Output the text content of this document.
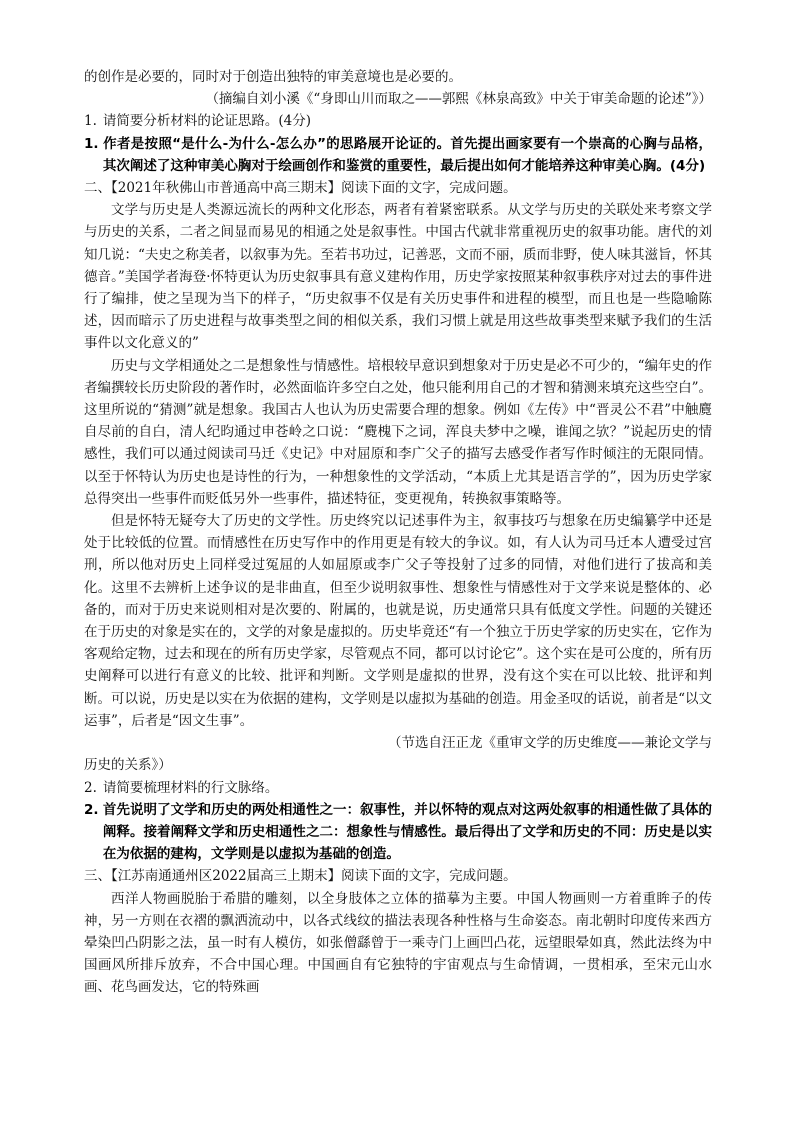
的创作是必要的，同时对于创造出独特的审美意境也是必要的。

（摘编自刘小溪《“身即山川而取之——郭熙《林泉高致》中关于审美命题的论述”》）

1. 请简要分析材料的论证思路。(4分)

1. 作者是按照“是什么-为什么-怎么办”的思路展开论证的。首先提出画家要有一个崇高的心胸与品格，其次阐述了这种审美心胸对于绘画创作和鉴赏的重要性，最后提出如何才能培养这种审美心胸。(4分)

二、【2021年秋佛山市普通高中高三期末】阅读下面的文字，完成问题。

文学与历史是人类源远流长的两种文化形态，两者有着紧密联系。从文学与历史的关联处来考察文学与历史的关系，二者之间显而易见的相通之处是叙事性。中国古代就非常重视历史的叙事功能。唐代的刘知几说：“夫史之称美者，以叙事为先。至若书功过，记善恶，文而不丽，质而非野，使人味其滋旨，怀其德音。”美国学者海登·怀特更认为历史叙事具有意义建构作用，历史学家按照某种叙事秩序对过去的事件进行了编排，使之呈现为当下的样子，“历史叙事不仅是有关历史事件和进程的模型，而且也是一些隐喻陈述，因而暗示了历史进程与故事类型之间的相似关系，我们习惯上就是用这些故事类型来赋予我们的生活事件以文化意义的”

历史与文学相通处之二是想象性与情感性。培根较早意识到想象对于历史是必不可少的，“编年史的作者编撰较长历史阶段的著作时，必然面临许多空白之处，他只能利用自己的才智和猜测来填充这些空白”。这里所说的“猜测”就是想象。我国古人也认为历史需要合理的想象。例如《左传》中“晋灵公不君”中触麑自尽前的自白，清人纪昀通过申苍岭之口说：“麑槐下之词，浑良夫梦中之噪，谁闻之欤？”说起历史的情感性，我们可以通过阅读司马迁《史记》中对屈原和李广父子的描写去感受作者写作时倾注的无限同情。以至于怀特认为历史也是诗性的行为，一种想象性的文学活动，“本质上尤其是语言学的”，因为历史学家总得突出一些事件而贬低另外一些事件，描述特征，变更视角，转换叙事策略等。

但是怀特无疑夸大了历史的文学性。历史终究以记述事件为主，叙事技巧与想象在历史编纂学中还是处于比较低的位置。而情感性在历史写作中的作用更是有较大的争议。如，有人认为司马迁本人遭受过宫刑，所以他对历史上同样受过冤屈的人如屈原或李广父子等投射了过多的同情，对他们进行了拔高和美化。这里不去辨析上述争议的是非曲直，但至少说明叙事性、想象性与情感性对于文学来说是整体的、必备的，而对于历史来说则相对是次要的、附属的，也就是说，历史通常只具有低度文学性。问题的关键还在于历史的对象是实在的，文学的对象是虚拟的。历史毕竟还“有一个独立于历史学家的历史实在，它作为客观给定物，过去和现在的所有历史学家，尽管观点不同，都可以讨论它”。这个实在是可公度的，所有历史阐释可以进行有意义的比较、批评和判断。文学则是虚拟的世界，没有这个实在可以比较、批评和判断。可以说，历史是以实在为依据的建构，文学则是以虚拟为基础的创造。用金圣叹的话说，前者是“以文运事”，后者是“因文生事”。

（节选自汪正龙《重审文学的历史维度——兼论文学与

历史的关系》）

2. 请简要梳理材料的行文脉络。

2. 首先说明了文学和历史的两处相通性之一：叙事性，并以怀特的观点对这两处叙事的相通性做了具体的阐释。接着阐释文学和历史相通性之二：想象性与情感性。最后得出了文学和历史的不同：历史是以实在为依据的建构，文学则是以虚拟为基础的创造。

三、【江苏南通通州区2022届高三上期末】阅读下面的文字，完成问题。

西洋人物画脱胎于希腊的雕刻，以全身肢体之立体的描摹为主要。中国人物画则一方着重眸子的传神，另一方则在衣褶的飘洒流动中，以各式线纹的描法表现各种性格与生命姿态。南北朝时印度传来西方晕染凹凸阴影之法，虽一时有人模仿，如张僧繇曾于一乘寺门上画凹凸花，远望眼晕如真，然此法终为中国画风所排斥放弃，不合中国心理。中国画自有它独特的宇宙观点与生命情调，一贯相承，至宋元山水画、花鸟画发达，它的特殊画
